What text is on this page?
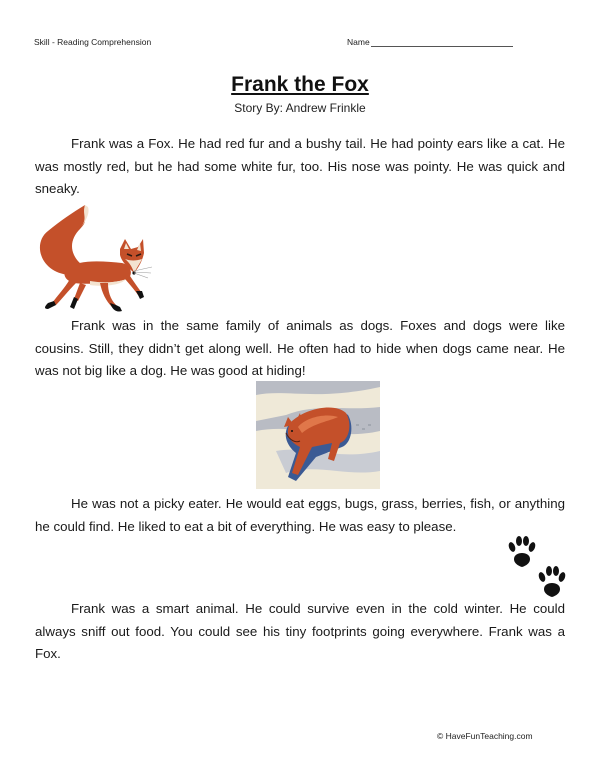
Skill - Reading Comprehension	Name
Frank the Fox
Story By: Andrew Frinkle

Frank was a Fox. He had red fur and a bushy tail. He had pointy ears like a cat. He was mostly red, but he had some white fur, too. His nose was pointy. He was quick and sneaky.

Frank was in the same family of animals as dogs. Foxes and dogs were like cousins. Still, they didn’t get along well. He often had to hide when dogs came near. He was not big like a dog. He was good at hiding!

He was not a picky eater. He would eat eggs, bugs, grass, berries, fish, or anything he could find. He liked to eat a bit of everything. He was easy to please.

Frank was a smart animal. He could survive even in the cold winter. He could always sniff out food. You could see his tiny footprints going everywhere. Frank was a Fox.

© HaveFunTeaching.com
